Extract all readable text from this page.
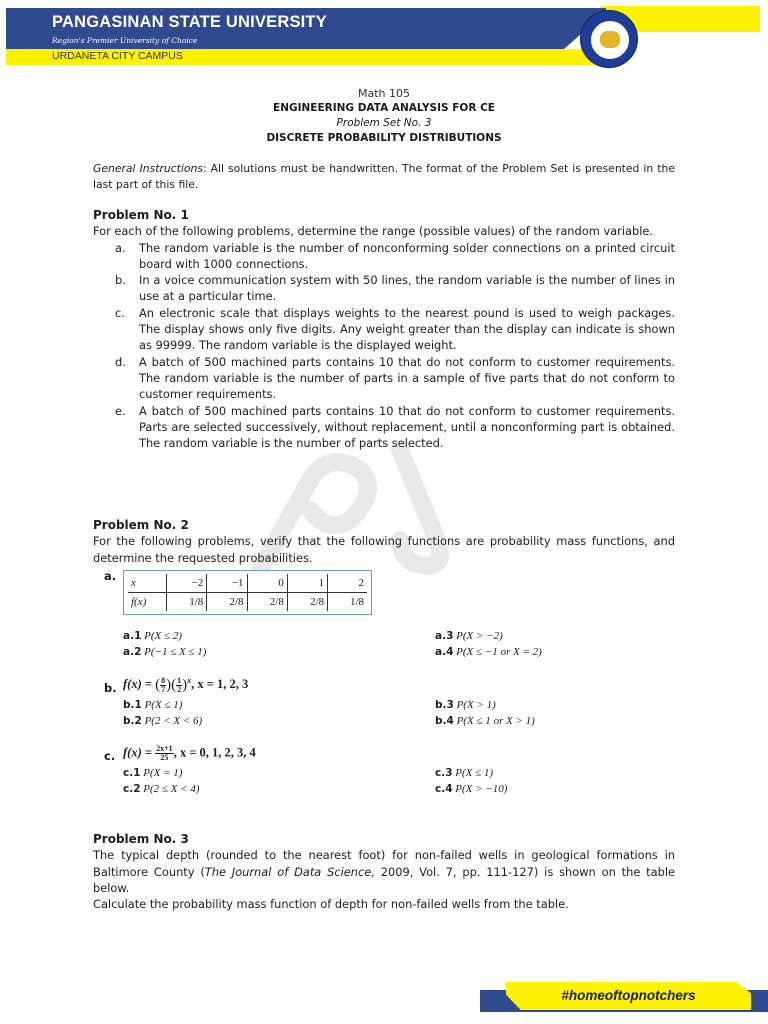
PANGASINAN STATE UNIVERSITY
Region's Premier University of Choice
URDANETA CITY CAMPUS
Math 105
ENGINEERING DATA ANALYSIS FOR CE
Problem Set No. 3
DISCRETE PROBABILITY DISTRIBUTIONS
General Instructions: All solutions must be handwritten. The format of the Problem Set is presented in the last part of this file.
Problem No. 1
For each of the following problems, determine the range (possible values) of the random variable.
a. The random variable is the number of nonconforming solder connections on a printed circuit board with 1000 connections.
b. In a voice communication system with 50 lines, the random variable is the number of lines in use at a particular time.
c. An electronic scale that displays weights to the nearest pound is used to weigh packages. The display shows only five digits. Any weight greater than the display can indicate is shown as 99999. The random variable is the displayed weight.
d. A batch of 500 machined parts contains 10 that do not conform to customer requirements. The random variable is the number of parts in a sample of five parts that do not conform to customer requirements.
e. A batch of 500 machined parts contains 10 that do not conform to customer requirements. Parts are selected successively, without replacement, until a nonconforming part is obtained. The random variable is the number of parts selected.
Problem No. 2
For the following problems, verify that the following functions are probability mass functions, and determine the requested probabilities.
a. x	−2	−1	0	1	2
f(x)	1/8	2/8	2/8	2/8	1/8
a.1 P(X ≤ 2)
a.2 P(−1 ≤ X ≤ 1)
a.3 P(X > −2)
a.4 P(X ≤ −1 or X = 2)
b. f(x) = ( $\frac{8}{7}$ )( $\frac{1}{2} )^x$, x = 1, 2, 3
b.1 P(X ≤ 1)
b.2 P(2 < X < 6)
b.3 P(X > 1)
b.4 P(X ≤ 1 or X > 1)
c. $f(x) = \frac{2x+1}{25}$ , x = 0, 1, 2, 3, 4
c.1 P(X = 1)
c.2 P(2 ≤ X < 4)
c.3 P(X ≤ 1)
c.4 P(X > −10)
Problem No. 3
The typical depth (rounded to the nearest foot) for non-failed wells in geological formations in Baltimore County (The Journal of Data Science, 2009, Vol. 7, pp. 111-127) is shown on the table below.
Calculate the probability mass function of depth for non-failed wells from the table.
#homeoftopnotchers
